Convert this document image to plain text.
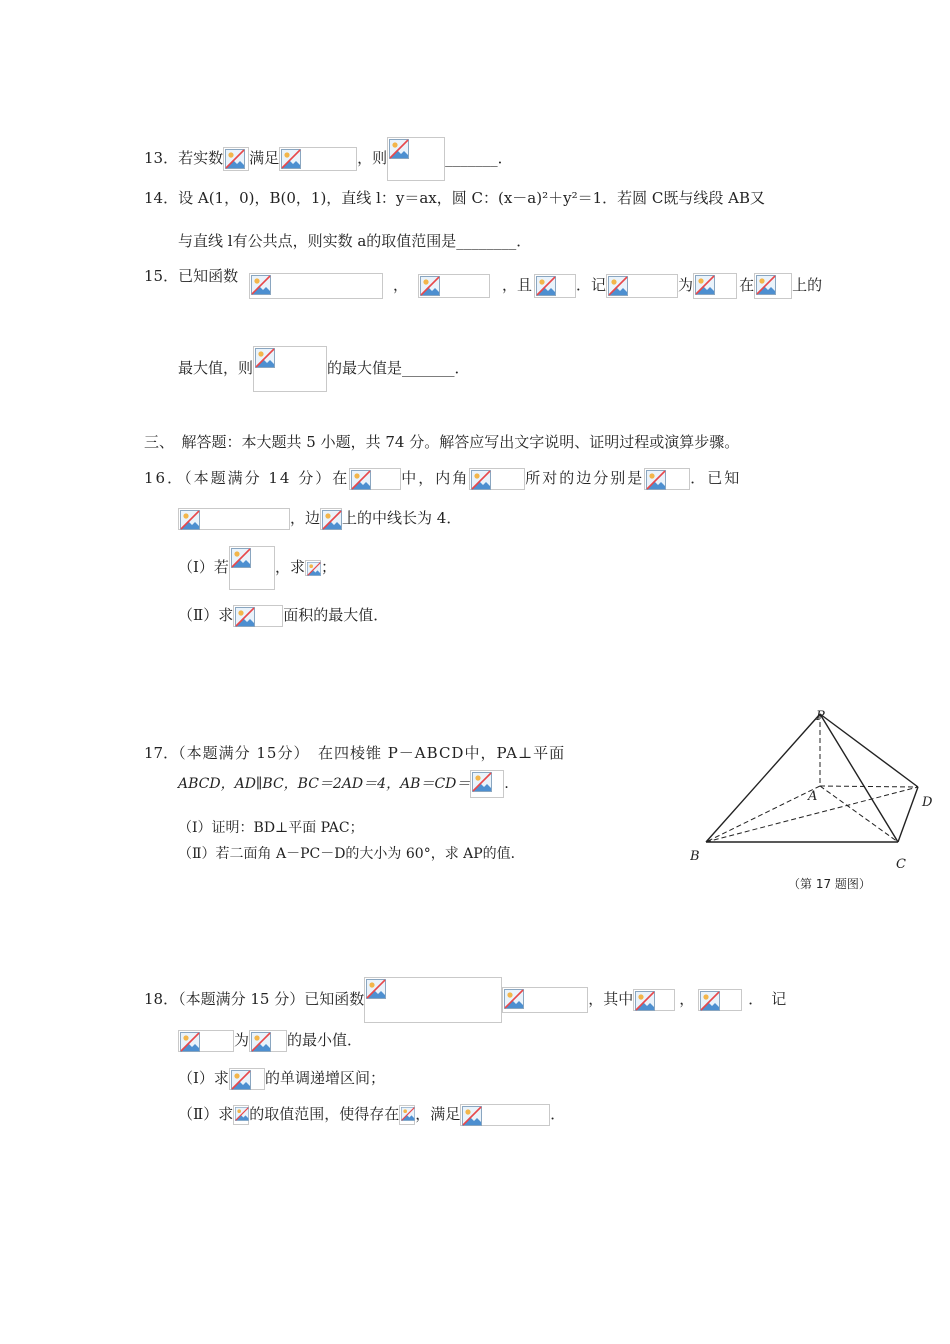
13．若实数 满足	，则	_______．
14．设 A(1，0)，B(0，1)，直线 l：y＝ax，圆 C：(x－a)²＋y²＝1．若圆 C既与线段 AB又
与直线 l有公共点，则实数 a的取值范围是________．
15．已知函数	，	，且	．记	为	在	上的
最大值，则	的最大值是_______．
三、　解答题：本大题共 5 小题，共 74 分。解答应写出文字说明、证明过程或演算步骤。
16．（本题满分 14 分）在	中，内角	所对的边分别是	．已知
，边 上的中线长为 4．
（Ⅰ）若	，求 ；
（Ⅱ）求	面积的最大值．
17．（本题满分 15分）　在四棱锥 P－ABCD中，PA⊥平面
ABCD，AD∥BC，BC＝2AD＝4，AB＝CD＝ ．
（Ⅰ）证明：BD⊥平面 PAC；
（Ⅱ）若二面角 A－PC－D的大小为 60°，求 AP的值．
P
A
B
C
D
（第 17 题图）
18．（本题满分 15 分）已知函数	，其中	，	．记
为	的最小值．
（Ⅰ）求 的单调递增区间；
（Ⅱ）求 的取值范围，使得存在 ，满足	．
